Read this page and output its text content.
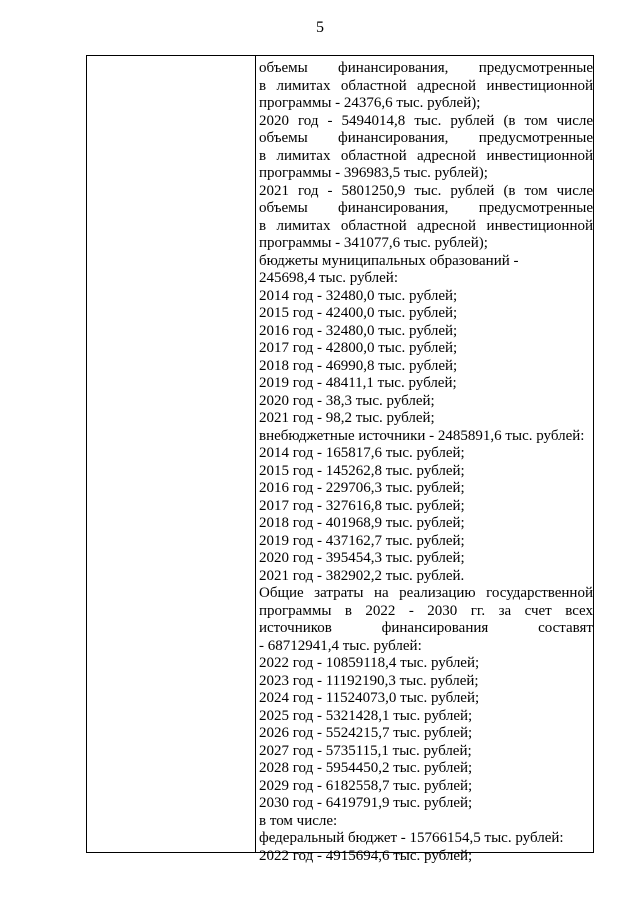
5
объемы финансирования, предусмотренные
в лимитах областной адресной инвестиционной
программы - 24376,6 тыс. рублей);
2020 год - 5494014,8 тыс. рублей (в том числе
объемы финансирования, предусмотренные
в лимитах областной адресной инвестиционной
программы - 396983,5 тыс. рублей);
2021 год - 5801250,9 тыс. рублей (в том числе
объемы финансирования, предусмотренные
в лимитах областной адресной инвестиционной
программы - 341077,6 тыс. рублей);
бюджеты муниципальных образований -
245698,4 тыс. рублей:
2014 год - 32480,0 тыс. рублей;
2015 год - 42400,0 тыс. рублей;
2016 год - 32480,0 тыс. рублей;
2017 год - 42800,0 тыс. рублей;
2018 год - 46990,8 тыс. рублей;
2019 год - 48411,1 тыс. рублей;
2020 год - 38,3 тыс. рублей;
2021 год - 98,2 тыс. рублей;
внебюджетные источники - 2485891,6 тыс. рублей:
2014 год - 165817,6 тыс. рублей;
2015 год - 145262,8 тыс. рублей;
2016 год - 229706,3 тыс. рублей;
2017 год - 327616,8 тыс. рублей;
2018 год - 401968,9 тыс. рублей;
2019 год - 437162,7 тыс. рублей;
2020 год - 395454,3 тыс. рублей;
2021 год - 382902,2 тыс. рублей.
Общие затраты на реализацию государственной
программы в 2022 - 2030 гг. за счет всех
источников финансирования составят
- 68712941,4 тыс. рублей:
2022 год - 10859118,4 тыс. рублей;
2023 год - 11192190,3 тыс. рублей;
2024 год - 11524073,0 тыс. рублей;
2025 год - 5321428,1 тыс. рублей;
2026 год - 5524215,7 тыс. рублей;
2027 год - 5735115,1 тыс. рублей;
2028 год - 5954450,2 тыс. рублей;
2029 год - 6182558,7 тыс. рублей;
2030 год - 6419791,9 тыс. рублей;
в том числе:
федеральный бюджет - 15766154,5 тыс. рублей:
2022 год - 4915694,6 тыс. рублей;
